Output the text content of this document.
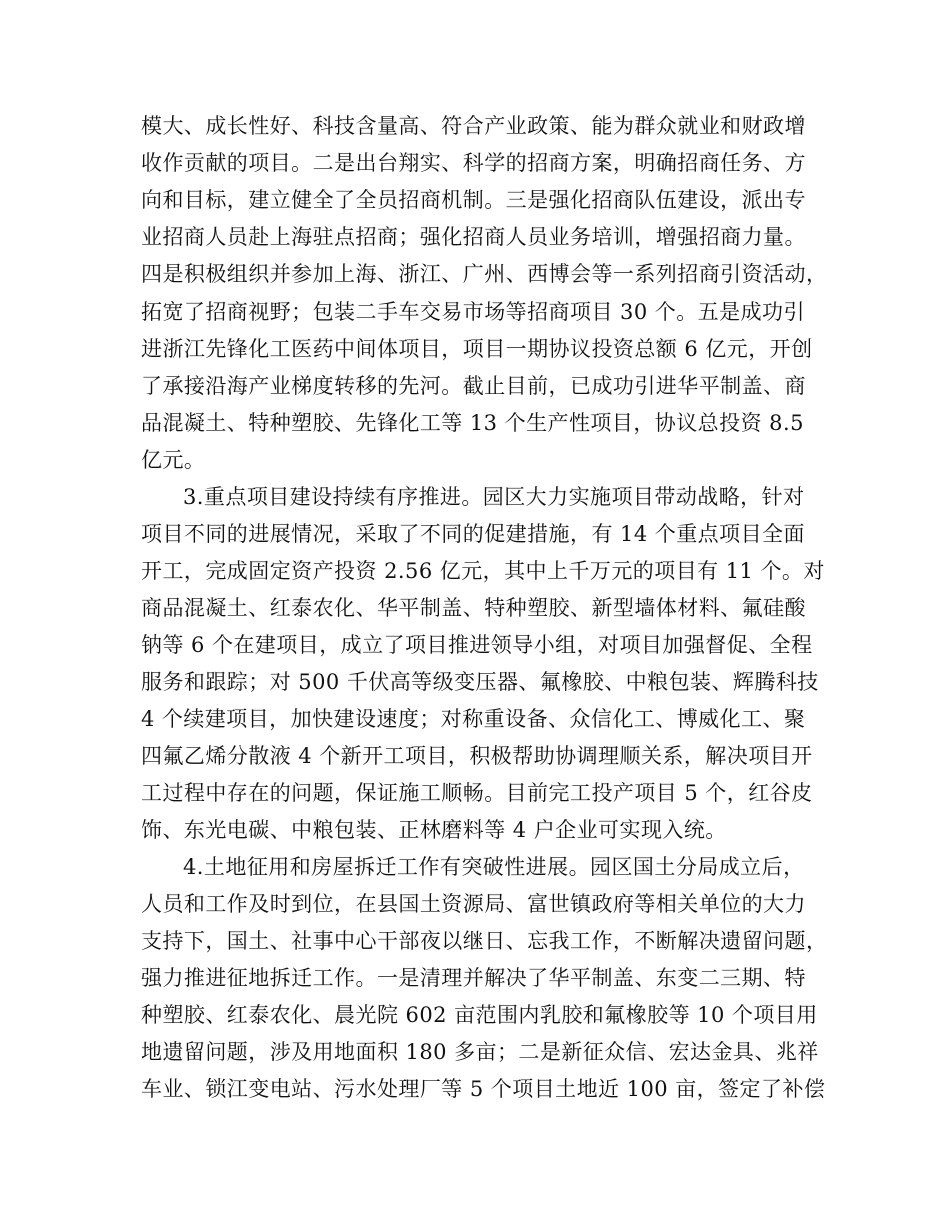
模大、成长性好、科技含量高、符合产业政策、能为群众就业和财政增
收作贡献的项目。二是出台翔实、科学的招商方案，明确招商任务、方
向和目标，建立健全了全员招商机制。三是强化招商队伍建设，派出专
业招商人员赴上海驻点招商；强化招商人员业务培训，增强招商力量。
四是积极组织并参加上海、浙江、广州、西博会等一系列招商引资活动，
拓宽了招商视野；包装二手车交易市场等招商项目 30 个。五是成功引
进浙江先锋化工医药中间体项目，项目一期协议投资总额 6 亿元，开创
了承接沿海产业梯度转移的先河。截止目前，已成功引进华平制盖、商
品混凝土、特种塑胶、先锋化工等 13 个生产性项目，协议总投资 8.5
亿元。
3.重点项目建设持续有序推进。园区大力实施项目带动战略，针对
项目不同的进展情况，采取了不同的促建措施，有 14 个重点项目全面
开工，完成固定资产投资 2.56 亿元，其中上千万元的项目有 11 个。对
商品混凝土、红泰农化、华平制盖、特种塑胶、新型墙体材料、氟硅酸
钠等 6 个在建项目，成立了项目推进领导小组，对项目加强督促、全程
服务和跟踪；对 500 千伏高等级变压器、氟橡胶、中粮包装、辉腾科技
4 个续建项目，加快建设速度；对称重设备、众信化工、博威化工、聚
四氟乙烯分散液 4 个新开工项目，积极帮助协调理顺关系，解决项目开
工过程中存在的问题，保证施工顺畅。目前完工投产项目 5 个，红谷皮
饰、东光电碳、中粮包装、正林磨料等 4 户企业可实现入统。
4.土地征用和房屋拆迁工作有突破性进展。园区国土分局成立后，
人员和工作及时到位，在县国土资源局、富世镇政府等相关单位的大力
支持下，国土、社事中心干部夜以继日、忘我工作，不断解决遗留问题，
强力推进征地拆迁工作。一是清理并解决了华平制盖、东变二三期、特
种塑胶、红泰农化、晨光院 602 亩范围内乳胶和氟橡胶等 10 个项目用
地遗留问题，涉及用地面积 180 多亩；二是新征众信、宏达金具、兆祥
车业、锁江变电站、污水处理厂等 5 个项目土地近 100 亩，签定了补偿
